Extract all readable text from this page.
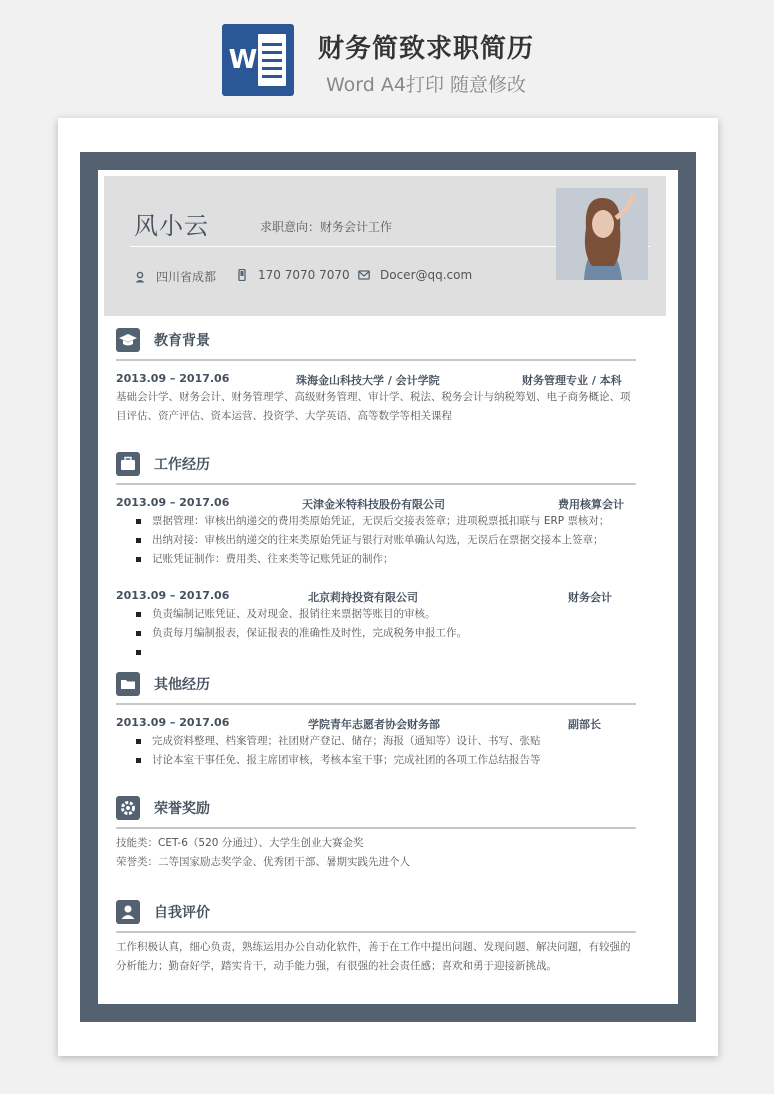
W 财务简致求职简历
Word A4打印 随意修改
风小云	求职意向：财务会计工作
四川省成都	170 7070 7070	Docer@qq.com
教育背景
2013.09 – 2017.06	珠海金山科技大学 / 会计学院	财务管理专业 / 本科
基础会计学、财务会计、财务管理学、高级财务管理、审计学、税法、税务会计与纳税筹划、电子商务概论、项目评估、资产评估、资本运营、投资学、大学英语、高等数学等相关课程
工作经历
2013.09 – 2017.06	天津金米特科技股份有限公司	费用核算会计
票据管理：审核出纳递交的费用类原始凭证，无误后交接表签章；进项税票抵扣联与 ERP 票核对；
出纳对接：审核出纳递交的往来类原始凭证与银行对账单确认勾选，无误后在票据交接本上签章；
记账凭证制作：费用类、往来类等记账凭证的制作；
2013.09 – 2017.06	北京莉持投资有限公司	财务会计
负责编制记账凭证、及对现金、报销往来票据等账目的审核。
负责每月编制报表，保证报表的准确性及时性，完成税务申报工作。
其他经历
2013.09 – 2017.06	学院青年志愿者协会财务部	副部长
完成资料整理、档案管理；社团财产登记、储存；海报（通知等）设计、书写、张贴
讨论本室干事任免、报主席团审核，考核本室干事；完成社团的各项工作总结报告等
荣誉奖励
技能类：CET-6（520 分通过）、大学生创业大赛金奖
荣誉类：二等国家励志奖学金、优秀团干部、暑期实践先进个人
自我评价
工作积极认真，细心负责，熟练运用办公自动化软件，善于在工作中提出问题、发现问题、解决问题，有较强的分析能力；勤奋好学，踏实肯干，动手能力强，有很强的社会责任感；喜欢和勇于迎接新挑战。
